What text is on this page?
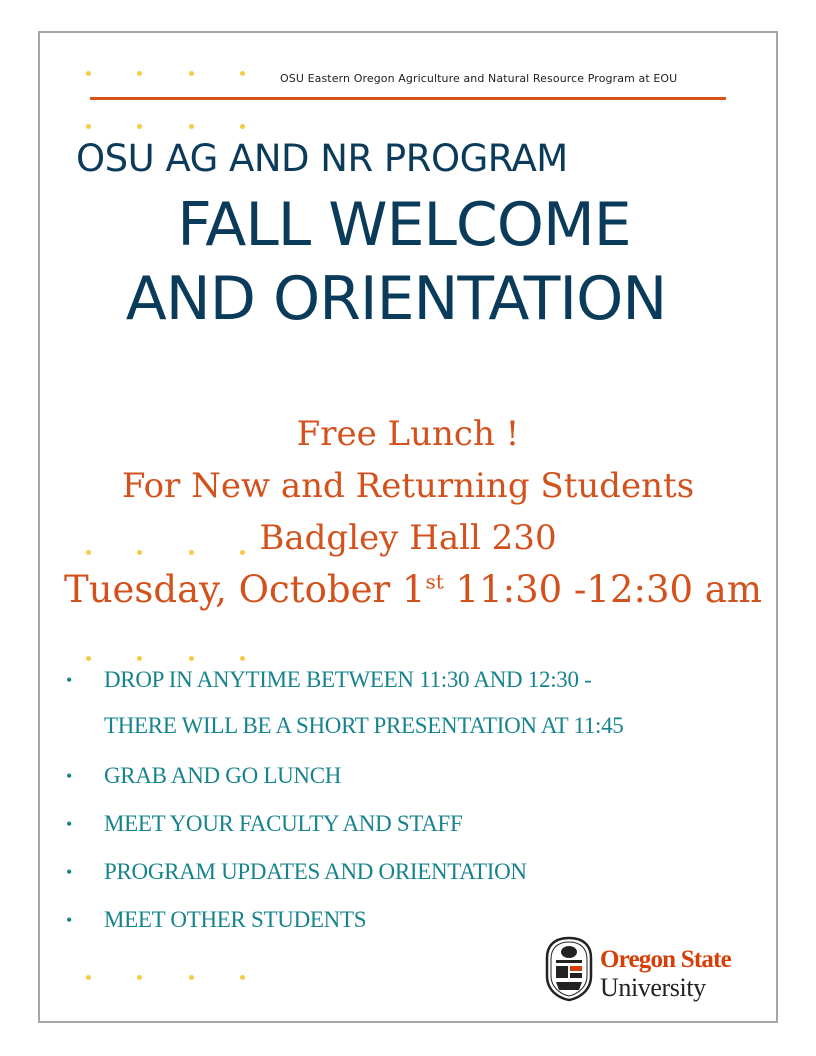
OSU Eastern Oregon Agriculture and Natural Resource Program at EOU
OSU AG AND NR PROGRAM
FALL WELCOME
AND ORIENTATION
Free Lunch !
For New and Returning Students
Badgley Hall 230
Tuesday, October 1st 11:30 -12:30 am
• DROP IN ANYTIME BETWEEN 11:30 AND 12:30 -
THERE WILL BE A SHORT PRESENTATION AT 11:45
• GRAB AND GO LUNCH
• MEET YOUR FACULTY AND STAFF
• PROGRAM UPDATES AND ORIENTATION
• MEET OTHER STUDENTS
Oregon State
University
